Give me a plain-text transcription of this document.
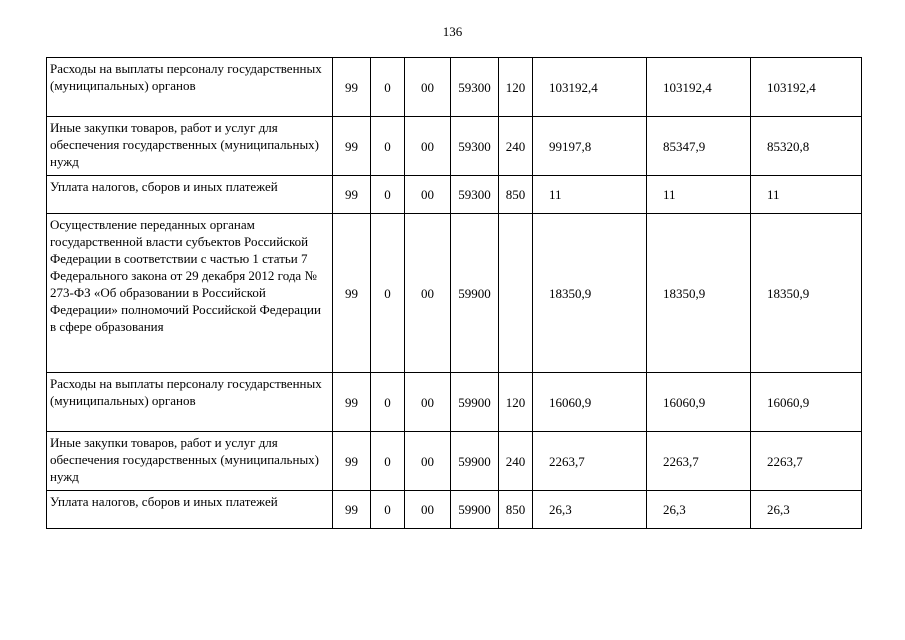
136
Расходы на выплаты персоналу государственных (муниципальных) органов	99	0	00	59300	120	103192,4	103192,4	103192,4
Иные закупки товаров, работ и услуг для обеспечения государственных (муниципальных) нужд	99	0	00	59300	240	99197,8	85347,9	85320,8
Уплата налогов, сборов и иных платежей	99	0	00	59300	850	11	11	11
Осуществление переданных органам государственной власти субъектов Российской Федерации в соответствии с частью 1 статьи 7 Федерального закона от 29 декабря 2012 года № 273-ФЗ «Об образовании в Российской Федерации» полномочий Российской Федерации в сфере образования	99	0	00	59900		18350,9	18350,9	18350,9
Расходы на выплаты персоналу государственных (муниципальных) органов	99	0	00	59900	120	16060,9	16060,9	16060,9
Иные закупки товаров, работ и услуг для обеспечения государственных (муниципальных) нужд	99	0	00	59900	240	2263,7	2263,7	2263,7
Уплата налогов, сборов и иных платежей	99	0	00	59900	850	26,3	26,3	26,3
